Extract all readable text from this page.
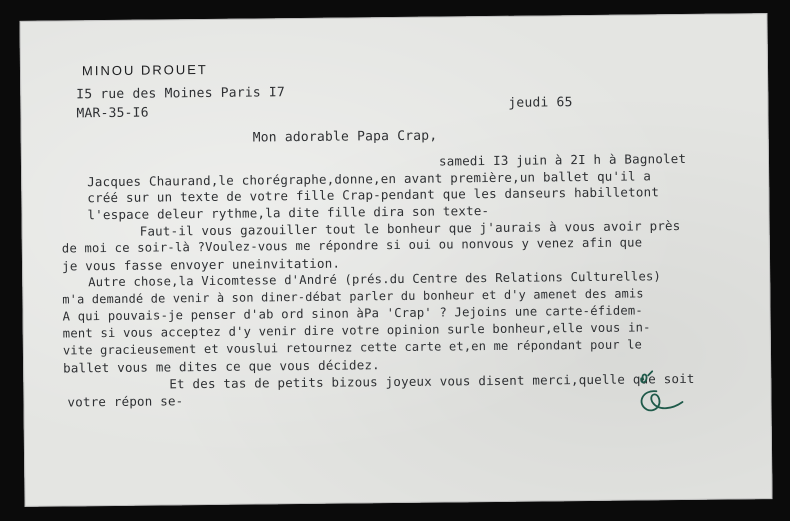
MINOU DROUET
I5 rue des Moines Paris I7
MAR-35-I6
jeudi 65
Mon adorable Papa Crap,
samedi I3 juin à 2I h à Bagnolet
Jacques Chaurand,le chorégraphe,donne,en avant première,un ballet qu'il a
créé sur un texte de votre fille Crap-pendant que les danseurs habilletont
l'espace deleur rythme,la dite fille dira son texte-
Faut-il vous gazouiller tout le bonheur que j'aurais à vous avoir près
de moi ce soir-là ?Voulez-vous me répondre si oui ou nonvous y venez afin que
je vous fasse envoyer uneinvitation.
Autre chose,la Vicomtesse d'André (prés.du Centre des Relations Culturelles)
m'a demandé de venir à son diner-débat parler du bonheur et d'y amenet des amis
A qui pouvais-je penser d'ab ord sinon àPa 'Crap' ? Jejoins une carte-éfidem-
ment si vous acceptez d'y venir dire votre opinion surle bonheur,elle vous in-
vite gracieusement et vouslui retournez cette carte et,en me répondant pour le
ballet vous me dites ce que vous décidez.
Et des tas de petits bizous joyeux vous disent merci,quelle que soit
votre répon se-
